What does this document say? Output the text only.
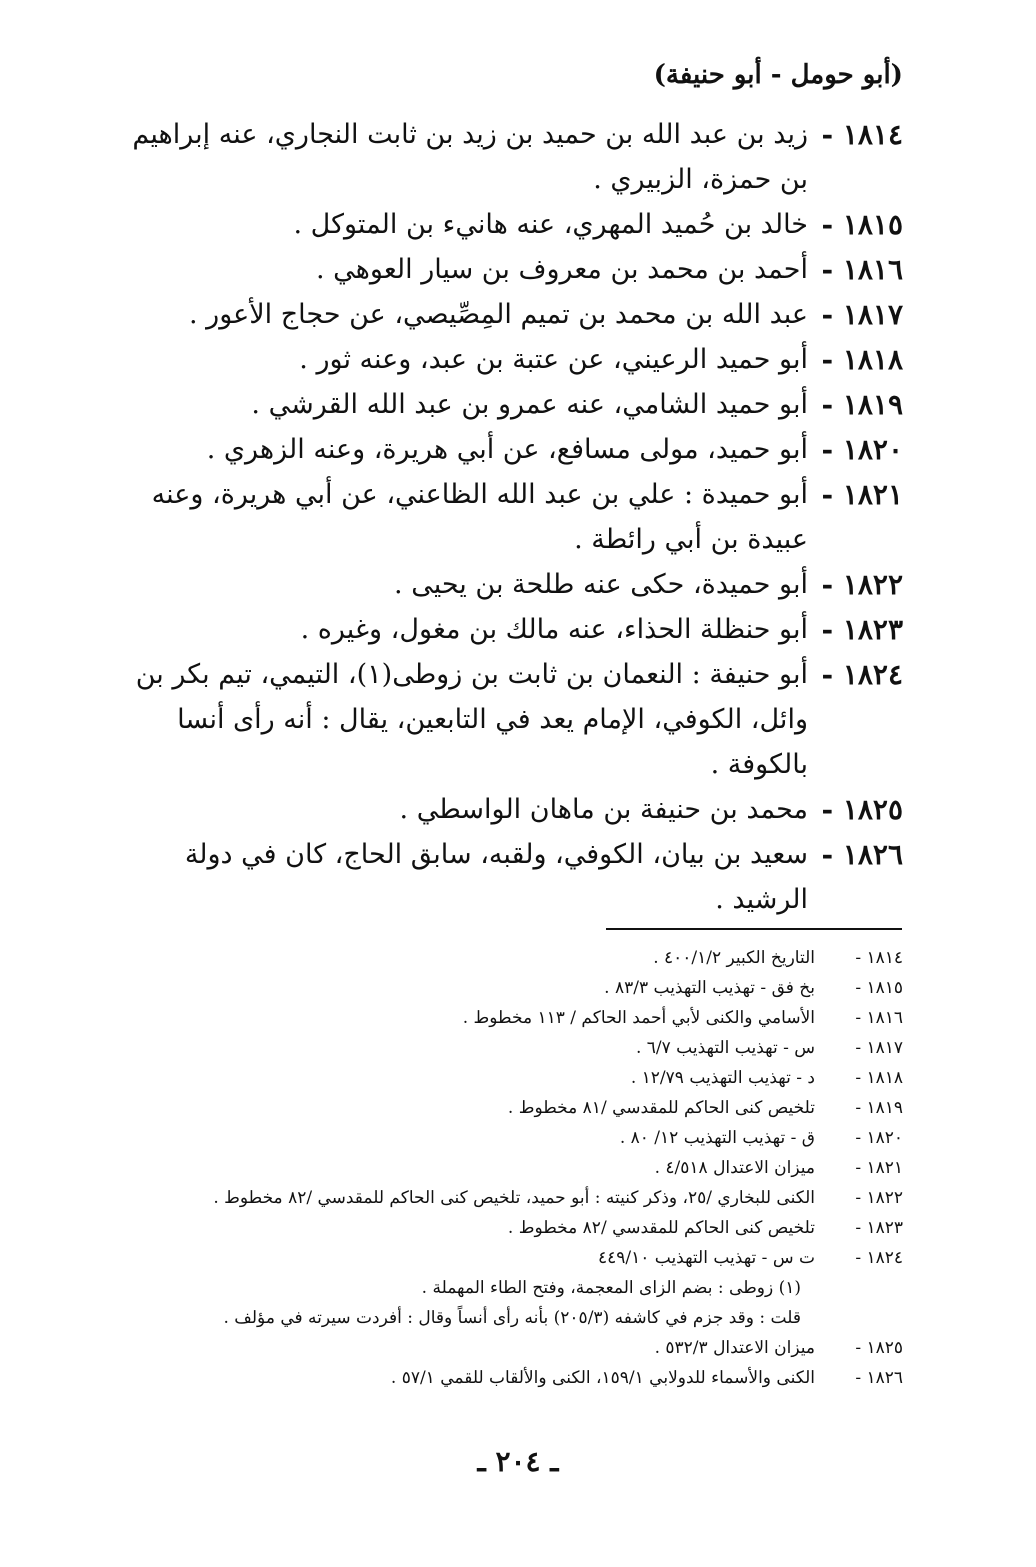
(أبو حومل - أبو حنيفة)
١٨١٤ -
زيد بن عبد الله بن حميد بن زيد بن ثابت النجاري، عنه إبراهيم بن حمزة، الزبيري .
١٨١٥ -
خالد بن حُميد المهري، عنه هانيء بن المتوكل .
١٨١٦ -
أحمد بن محمد بن معروف بن سيار العوهي .
١٨١٧ -
عبد الله بن محمد بن تميم المِصِّيصي، عن حجاج الأعور .
١٨١٨ -
أبو حميد الرعيني، عن عتبة بن عبد، وعنه ثور .
١٨١٩ -
أبو حميد الشامي، عنه عمرو بن عبد الله القرشي .
١٨٢٠ -
أبو حميد، مولى مسافع، عن أبي هريرة، وعنه الزهري .
١٨٢١ -
أبو حميدة : علي بن عبد الله الظاعني، عن أبي هريرة، وعنه عبيدة بن أبي رائطة .
١٨٢٢ -
أبو حميدة، حكى عنه طلحة بن يحيى .
١٨٢٣ -
أبو حنظلة الحذاء، عنه مالك بن مغول، وغيره .
١٨٢٤ -
أبو حنيفة : النعمان بن ثابت بن زوطى(١)، التيمي، تيم بكر بن وائل، الكوفي، الإمام يعد في التابعين، يقال : أنه رأى أنسا بالكوفة .
١٨٢٥ -
محمد بن حنيفة بن ماهان الواسطي .
١٨٢٦ -
سعيد بن بيان، الكوفي، ولقبه، سابق الحاج، كان في دولة الرشيد .
١٨١٤ -
التاريخ الكبير ٤٠٠/١/٢ .
١٨١٥ -
بخ فق - تهذيب التهذيب ٨٣/٣ .
١٨١٦ -
الأسامي والكنى لأبي أحمد الحاكم / ١١٣ مخطوط .
١٨١٧ -
س - تهذيب التهذيب ٦/٧ .
١٨١٨ -
د - تهذيب التهذيب ١٢/٧٩ .
١٨١٩ -
تلخيص كنى الحاكم للمقدسي /٨١ مخطوط .
١٨٢٠ -
ق - تهذيب التهذيب ١٢/ ٨٠ .
١٨٢١ -
ميزان الاعتدال ٤/٥١٨ .
١٨٢٢ -
الكنى للبخاري /٢٥، وذكر كنيته : أبو حميد، تلخيص كنى الحاكم للمقدسي /٨٢ مخطوط .
١٨٢٣ -
تلخيص كنى الحاكم للمقدسي /٨٢ مخطوط .
١٨٢٤ -
ت س - تهذيب التهذيب ٤٤٩/١٠
(١) زوطى : بضم الزاى المعجمة، وفتح الطاء المهملة .
قلت : وقد جزم في كاشفه (٢٠٥/٣) بأنه رأى أنساً وقال : أفردت سيرته في مؤلف .
١٨٢٥ -
ميزان الاعتدال ٥٣٢/٣ .
١٨٢٦ -
الكنى والأسماء للدولابي ١٥٩/١، الكنى والألقاب للقمي ٥٧/١ .
ـ ٢٠٤ ـ
